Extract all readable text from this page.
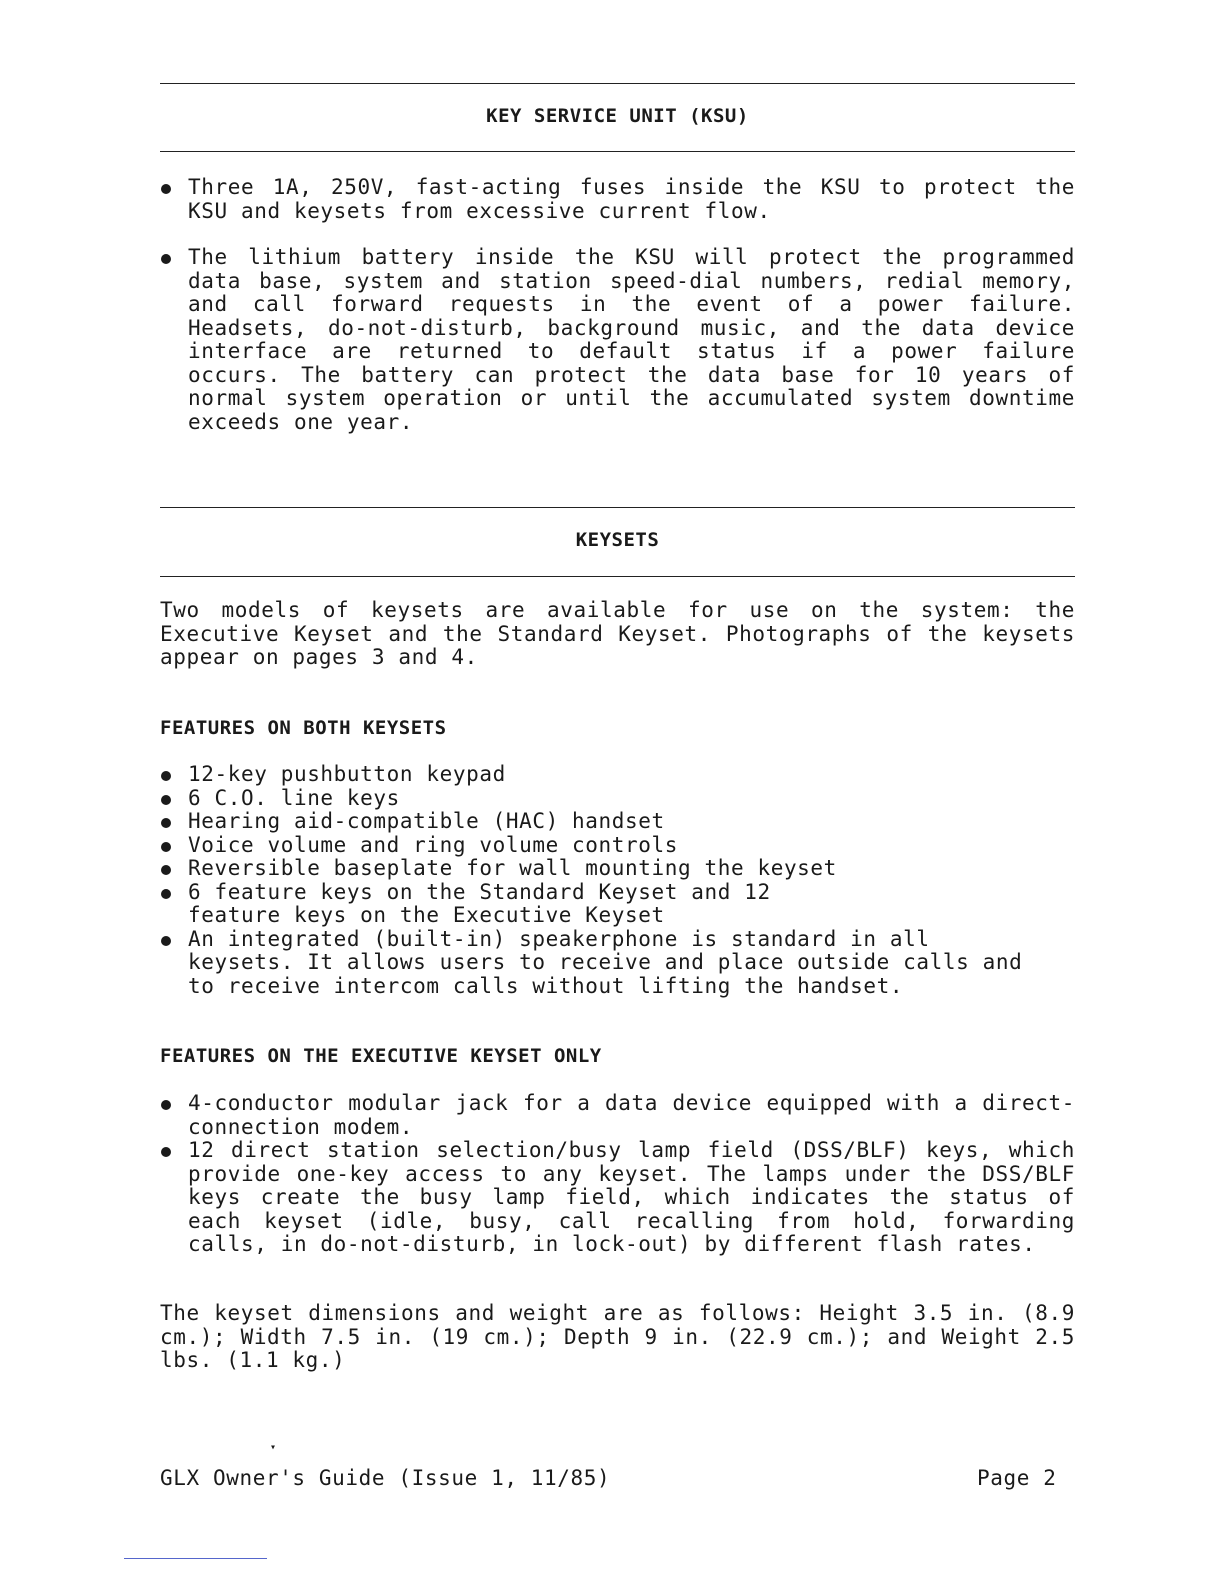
KEY SERVICE UNIT (KSU)
Three 1A, 250V, fast-acting fuses inside the KSU to protect the KSU and keysets from excessive current flow.
The lithium battery inside the KSU will protect the programmed data base, system and station speed-dial numbers, redial memory, and call forward requests in the event of a power failure. Headsets, do-not-disturb, background music, and the data device interface are returned to default status if a power failure occurs. The battery can protect the data base for 10 years of normal system operation or until the accumulated system downtime exceeds one year.
KEYSETS
Two models of keysets are available for use on the system: the Executive Keyset and the Standard Keyset. Photographs of the keysets appear on pages 3 and 4.
FEATURES ON BOTH KEYSETS
12-key pushbutton keypad
6 C.O. line keys
Hearing aid-compatible (HAC) handset
Voice volume and ring volume controls
Reversible baseplate for wall mounting the keyset
6 feature keys on the Standard Keyset and 12 feature keys on the Executive Keyset
An integrated (built-in) speakerphone is standard in all keysets. It allows users to receive and place outside calls and to receive intercom calls without lifting the handset.
FEATURES ON THE EXECUTIVE KEYSET ONLY
4-conductor modular jack for a data device equipped with a direct-connection modem.
12 direct station selection/busy lamp field (DSS/BLF) keys, which provide one-key access to any keyset. The lamps under the DSS/BLF keys create the busy lamp field, which indicates the status of each keyset (idle, busy, call recalling from hold, forwarding calls, in do-not-disturb, in lock-out) by different flash rates.
The keyset dimensions and weight are as follows: Height 3.5 in. (8.9 cm.); Width 7.5 in. (19 cm.); Depth 9 in. (22.9 cm.); and Weight 2.5 lbs. (1.1 kg.)
▾
GLX Owner's Guide (Issue 1, 11/85)	Page 2
